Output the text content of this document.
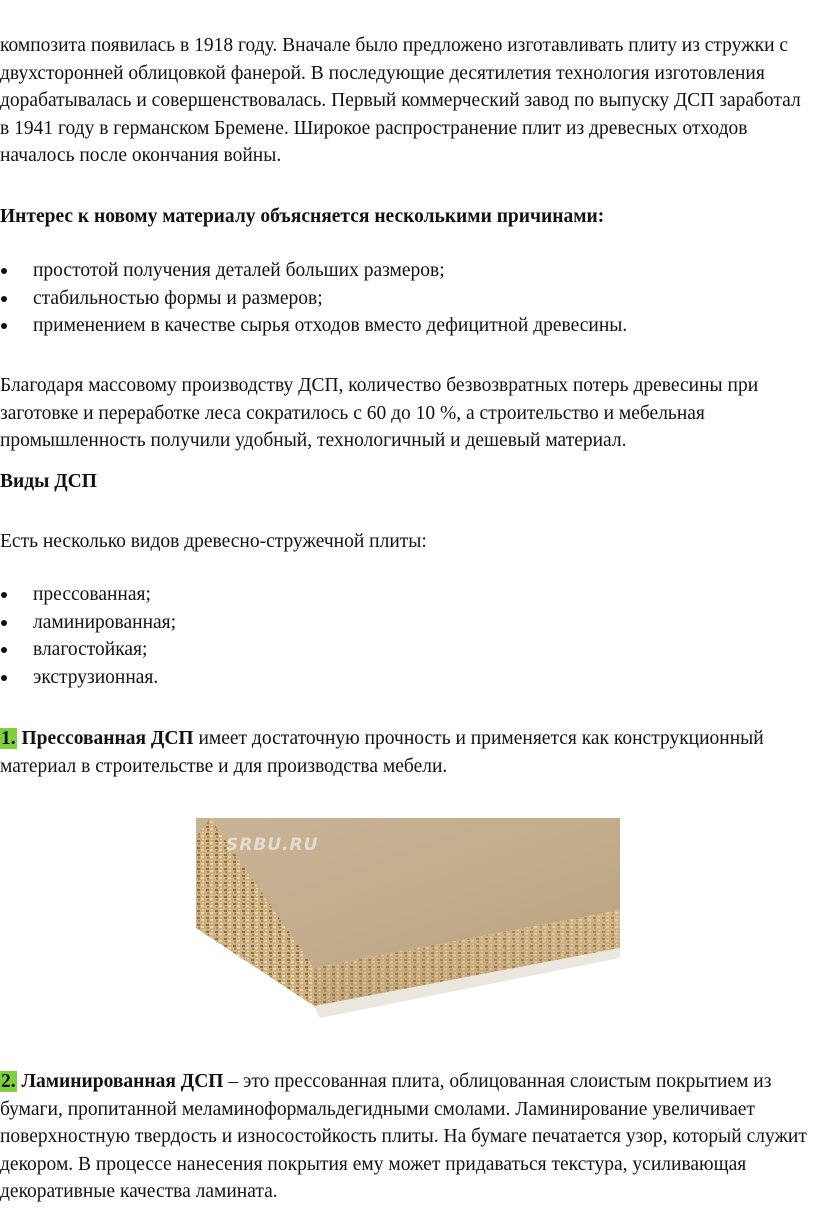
композита появилась в 1918 году. Вначале было предложено изготавливать плиту из стружки с двухсторонней облицовкой фанерой. В последующие десятилетия технология изготовления дорабатывалась и совершенствовалась. Первый коммерческий завод по выпуску ДСП заработал в 1941 году в германском Бремене. Широкое распространение плит из древесных отходов началось после окончания войны.

Интерес к новому материалу объясняется несколькими причинами:

простотой получения деталей больших размеров;
стабильностью формы и размеров;
применением в качестве сырья отходов вместо дефицитной древесины.

Благодаря массовому производству ДСП, количество безвозвратных потерь древесины при заготовке и переработке леса сократилось с 60 до 10 %, а строительство и мебельная промышленность получили удобный, технологичный и дешевый материал.

Виды ДСП

Есть несколько видов древесно-стружечной плиты:

прессованная;
ламинированная;
влагостойкая;
экструзионная.

1. Прессованная ДСП имеет достаточную прочность и применяется как конструкционный материал в строительстве и для производства мебели.

SRBU.RU

2. Ламинированная ДСП – это прессованная плита, облицованная слоистым покрытием из бумаги, пропитанной меламиноформальдегидными смолами. Ламинирование увеличивает поверхностную твердость и износостойкость плиты. На бумаге печатается узор, который служит декором. В процессе нанесения покрытия ему может придаваться текстура, усиливающая декоративные качества ламината.
